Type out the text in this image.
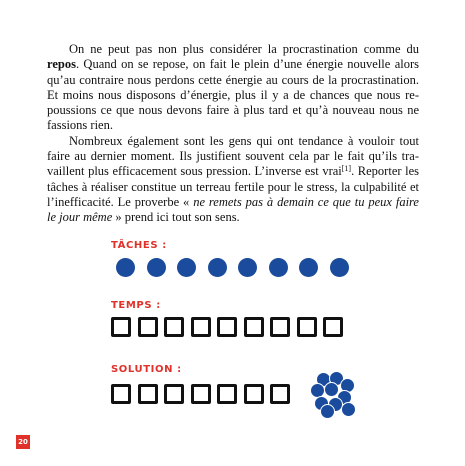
On ne peut pas non plus considérer la procrastination comme du repos. Quand on se repose, on fait le plein d’une énergie nouvelle alors qu’au contraire nous perdons cette énergie au cours de la procrastination. Et moins nous disposons d’énergie, plus il y a de chances que nous repoussions ce que nous devons faire à plus tard et qu’à nouveau nous ne fassions rien.

Nombreux également sont les gens qui ont tendance à vouloir tout faire au dernier moment. Ils justifient souvent cela par le fait qu’ils travaillent plus efficacement sous pression. L’inverse est vrai[1]. Reporter les tâches à réaliser constitue un terreau fertile pour le stress, la culpabilité et l’inefficacité. Le proverbe « ne remets pas à demain ce que tu peux faire le jour même » prend ici tout son sens.

TÂCHES :
TEMPS :
SOLUTION :
20
